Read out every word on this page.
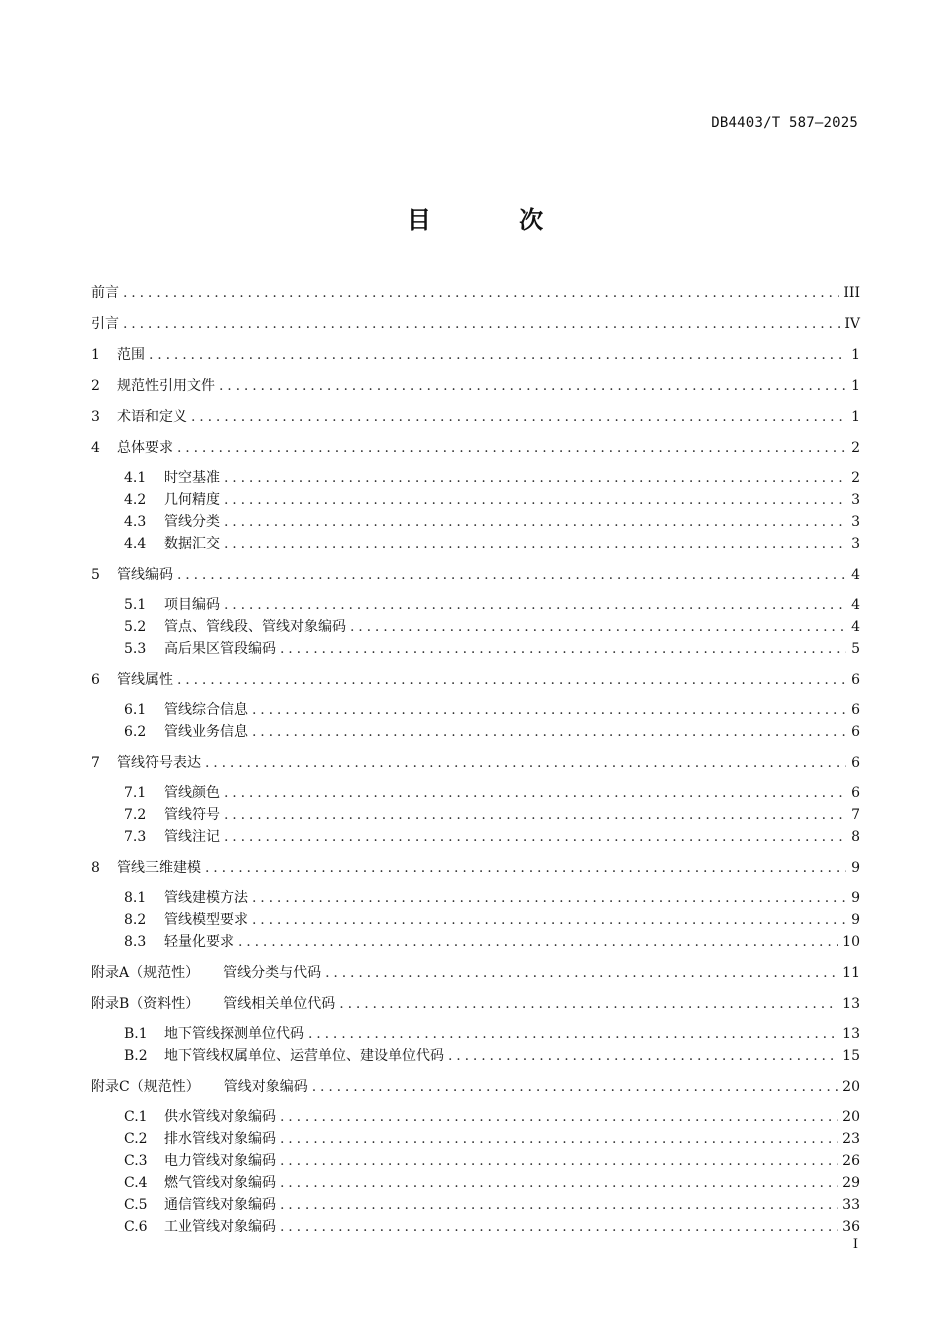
DB4403/T 587—2025
目 次
前言 . . .	III
引言 . . .	IV
1	范围 . . .	1
2	规范性引用文件 . . .	1
3	术语和定义 . . .	1
4	总体要求 . . .	2
4.1	时空基准 . . .	2
4.2	几何精度 . . .	3
4.3	管线分类 . . .	3
4.4	数据汇交 . . .	3
5	管线编码 . . .	4
5.1	项目编码 . . .	4
5.2	管点、管线段、管线对象编码 . . .	4
5.3	高后果区管段编码 . . .	5
6	管线属性 . . .	6
6.1	管线综合信息 . . .	6
6.2	管线业务信息 . . .	6
7	管线符号表达 . . .	6
7.1	管线颜色 . . .	6
7.2	管线符号 . . .	7
7.3	管线注记 . . .	8
8	管线三维建模 . . .	9
8.1	管线建模方法 . . .	9
8.2	管线模型要求 . . .	9
8.3	轻量化要求 . . .	10
附录A（规范性） 管线分类与代码 . . .	11
附录B（资料性） 管线相关单位代码 . . .	13
B.1	地下管线探测单位代码 . . .	13
B.2	地下管线权属单位、运营单位、建设单位代码 . . .	15
附录C（规范性） 管线对象编码 . . .	20
C.1	供水管线对象编码 . . .	20
C.2	排水管线对象编码 . . .	23
C.3	电力管线对象编码 . . .	26
C.4	燃气管线对象编码 . . .	29
C.5	通信管线对象编码 . . .	33
C.6	工业管线对象编码 . . .	36
I
